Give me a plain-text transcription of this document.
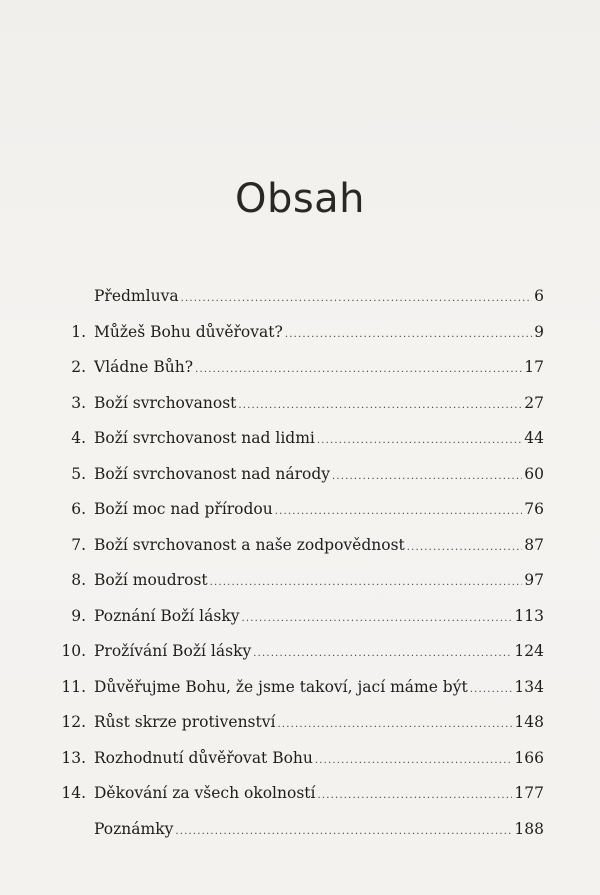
Obsah
Předmluva .....	6
1. Můžeš Bohu důvěřovat? .....	9
2. Vládne Bůh? .....	17
3. Boží svrchovanost .....	27
4. Boží svrchovanost nad lidmi .....	44
5. Boží svrchovanost nad národy .....	60
6. Boží moc nad přírodou .....	76
7. Boží svrchovanost a naše zodpovědnost .....	87
8. Boží moudrost .....	97
9. Poznání Boží lásky .....	113
10. Prožívání Boží lásky .....	124
11. Důvěřujme Bohu, že jsme takoví, jací máme být .....	134
12. Růst skrze protivenství .....	148
13. Rozhodnutí důvěřovat Bohu .....	166
14. Děkování za všech okolností .....	177
Poznámky .....	188
